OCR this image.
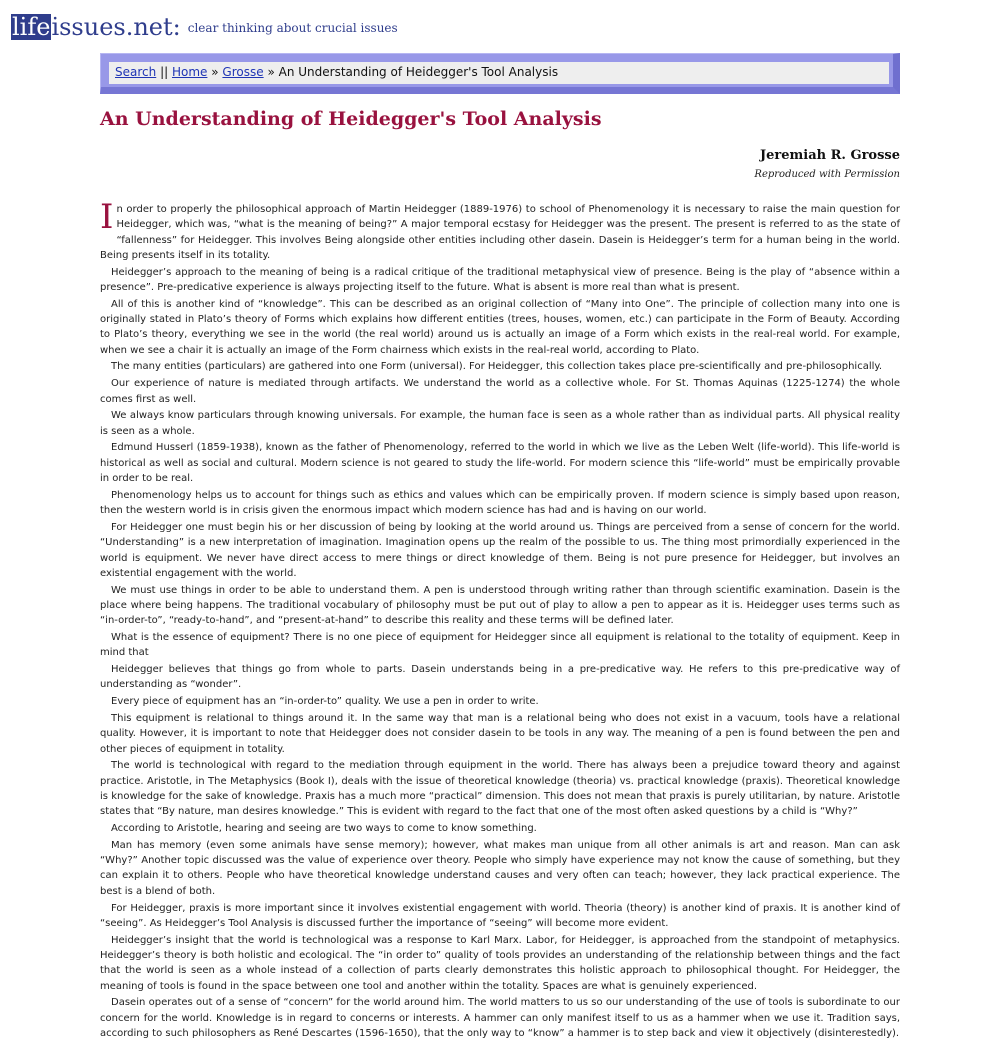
life issues.net: clear thinking about crucial issues
Search || Home » Grosse » An Understanding of Heidegger's Tool Analysis
An Understanding of Heidegger's Tool Analysis
Jeremiah R. Grosse
Reproduced with Permission

In order to properly the philosophical approach of Martin Heidegger (1889-1976) to school of Phenomenology it is necessary to raise the main question for Heidegger, which was, “what is the meaning of being?” A major temporal ecstasy for Heidegger was the present. The present is referred to as the state of “fallenness” for Heidegger. This involves Being alongside other entities including other dasein. Dasein is Heidegger’s term for a human being in the world. Being presents itself in its totality.

Heidegger’s approach to the meaning of being is a radical critique of the traditional metaphysical view of presence. Being is the play of “absence within a presence”. Pre-predicative experience is always projecting itself to the future. What is absent is more real than what is present.

All of this is another kind of “knowledge”. This can be described as an original collection of “Many into One”. The principle of collection many into one is originally stated in Plato’s theory of Forms which explains how different entities (trees, houses, women, etc.) can participate in the Form of Beauty. According to Plato’s theory, everything we see in the world (the real world) around us is actually an image of a Form which exists in the real-real world. For example, when we see a chair it is actually an image of the Form chairness which exists in the real-real world, according to Plato.

The many entities (particulars) are gathered into one Form (universal). For Heidegger, this collection takes place pre-scientifically and pre-philosophically.

Our experience of nature is mediated through artifacts. We understand the world as a collective whole. For St. Thomas Aquinas (1225-1274) the whole comes first as well.

We always know particulars through knowing universals. For example, the human face is seen as a whole rather than as individual parts. All physical reality is seen as a whole.

Edmund Husserl (1859-1938), known as the father of Phenomenology, referred to the world in which we live as the Leben Welt (life-world). This life-world is historical as well as social and cultural. Modern science is not geared to study the life-world. For modern science this “life-world” must be empirically provable in order to be real.

Phenomenology helps us to account for things such as ethics and values which can be empirically proven. If modern science is simply based upon reason, then the western world is in crisis given the enormous impact which modern science has had and is having on our world.

For Heidegger one must begin his or her discussion of being by looking at the world around us. Things are perceived from a sense of concern for the world. “Understanding” is a new interpretation of imagination. Imagination opens up the realm of the possible to us. The thing most primordially experienced in the world is equipment. We never have direct access to mere things or direct knowledge of them. Being is not pure presence for Heidegger, but involves an existential engagement with the world.

We must use things in order to be able to understand them. A pen is understood through writing rather than through scientific examination. Dasein is the place where being happens. The traditional vocabulary of philosophy must be put out of play to allow a pen to appear as it is. Heidegger uses terms such as “in-order-to”, “ready-to-hand”, and “present-at-hand” to describe this reality and these terms will be defined later.

What is the essence of equipment? There is no one piece of equipment for Heidegger since all equipment is relational to the totality of equipment. Keep in mind that

Heidegger believes that things go from whole to parts. Dasein understands being in a pre-predicative way. He refers to this pre-predicative way of understanding as “wonder”.

Every piece of equipment has an “in-order-to” quality. We use a pen in order to write.

This equipment is relational to things around it. In the same way that man is a relational being who does not exist in a vacuum, tools have a relational quality. However, it is important to note that Heidegger does not consider dasein to be tools in any way. The meaning of a pen is found between the pen and other pieces of equipment in totality.

The world is technological with regard to the mediation through equipment in the world. There has always been a prejudice toward theory and against practice. Aristotle, in The Metaphysics (Book I), deals with the issue of theoretical knowledge (theoria) vs. practical knowledge (praxis). Theoretical knowledge is knowledge for the sake of knowledge. Praxis has a much more “practical” dimension. This does not mean that praxis is purely utilitarian, by nature. Aristotle states that “By nature, man desires knowledge.” This is evident with regard to the fact that one of the most often asked questions by a child is “Why?”

According to Aristotle, hearing and seeing are two ways to come to know something.

Man has memory (even some animals have sense memory); however, what makes man unique from all other animals is art and reason. Man can ask “Why?” Another topic discussed was the value of experience over theory. People who simply have experience may not know the cause of something, but they can explain it to others. People who have theoretical knowledge understand causes and very often can teach; however, they lack practical experience. The best is a blend of both.

For Heidegger, praxis is more important since it involves existential engagement with world. Theoria (theory) is another kind of praxis. It is another kind of “seeing”. As Heidegger’s Tool Analysis is discussed further the importance of “seeing” will become more evident.

Heidegger’s insight that the world is technological was a response to Karl Marx. Labor, for Heidegger, is approached from the standpoint of metaphysics. Heidegger’s theory is both holistic and ecological. The “in order to” quality of tools provides an understanding of the relationship between things and the fact that the world is seen as a whole instead of a collection of parts clearly demonstrates this holistic approach to philosophical thought. For Heidegger, the meaning of tools is found in the space between one tool and another within the totality. Spaces are what is genuinely experienced.

Dasein operates out of a sense of “concern” for the world around him. The world matters to us so our understanding of the use of tools is subordinate to our concern for the world. Knowledge is in regard to concerns or interests. A hammer can only manifest itself to us as a hammer when we use it. Tradition says, according to such philosophers as René Descartes (1596-1650), that the only way to “know” a hammer is to step back and view it objectively (disinterestedly).
